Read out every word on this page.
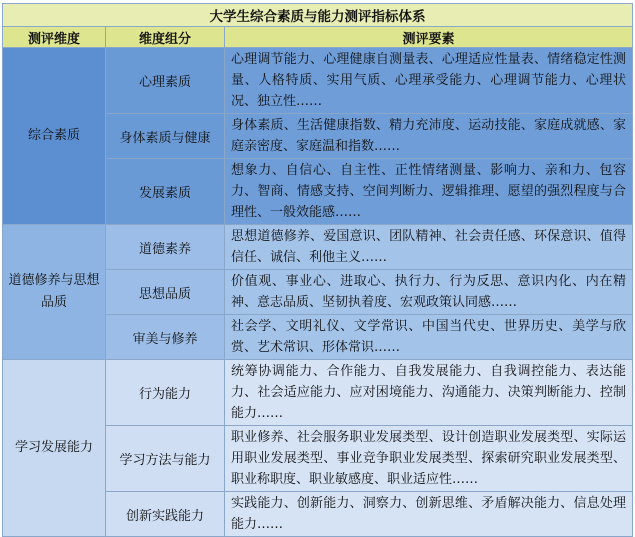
大学生综合素质与能力测评指标体系		
测评维度	维度组分	测评要素
综合素质	心理素质	心理调节能力、心理健康自测量表、心理适应性量表、情绪稳定性测量、人格特质、实用气质、心理承受能力、心理调节能力、心理状况、独立性……
	身体素质与健康	身体素质、生活健康指数、精力充沛度、运动技能、家庭成就感、家庭亲密度、家庭温和指数……
	发展素质	想象力、自信心、自主性、正性情绪测量、影响力、亲和力、包容力、智商、情感支持、空间判断力、逻辑推理、愿望的强烈程度与合理性、一般效能感……
道德修养与思想品质	道德素养	思想道德修养、爱国意识、团队精神、社会责任感、环保意识、值得信任、诚信、利他主义……
	思想品质	价值观、事业心、进取心、执行力、行为反思、意识内化、内在精神、意志品质、坚韧执着度、宏观政策认同感……
	审美与修养	社会学、文明礼仪、文学常识、中国当代史、世界历史、美学与欣赏、艺术常识、形体常识……
学习发展能力	行为能力	统筹协调能力、合作能力、自我发展能力、自我调控能力、表达能力、社会适应能力、应对困境能力、沟通能力、决策判断能力、控制能力……
	学习方法与能力	职业修养、社会服务职业发展类型、设计创造职业发展类型、实际运用职业发展类型、事业竞争职业发展类型、探索研究职业发展类型、职业称职度、职业敏感度、职业适应性……
	创新实践能力	实践能力、创新能力、洞察力、创新思维、矛盾解决能力、信息处理能力……
